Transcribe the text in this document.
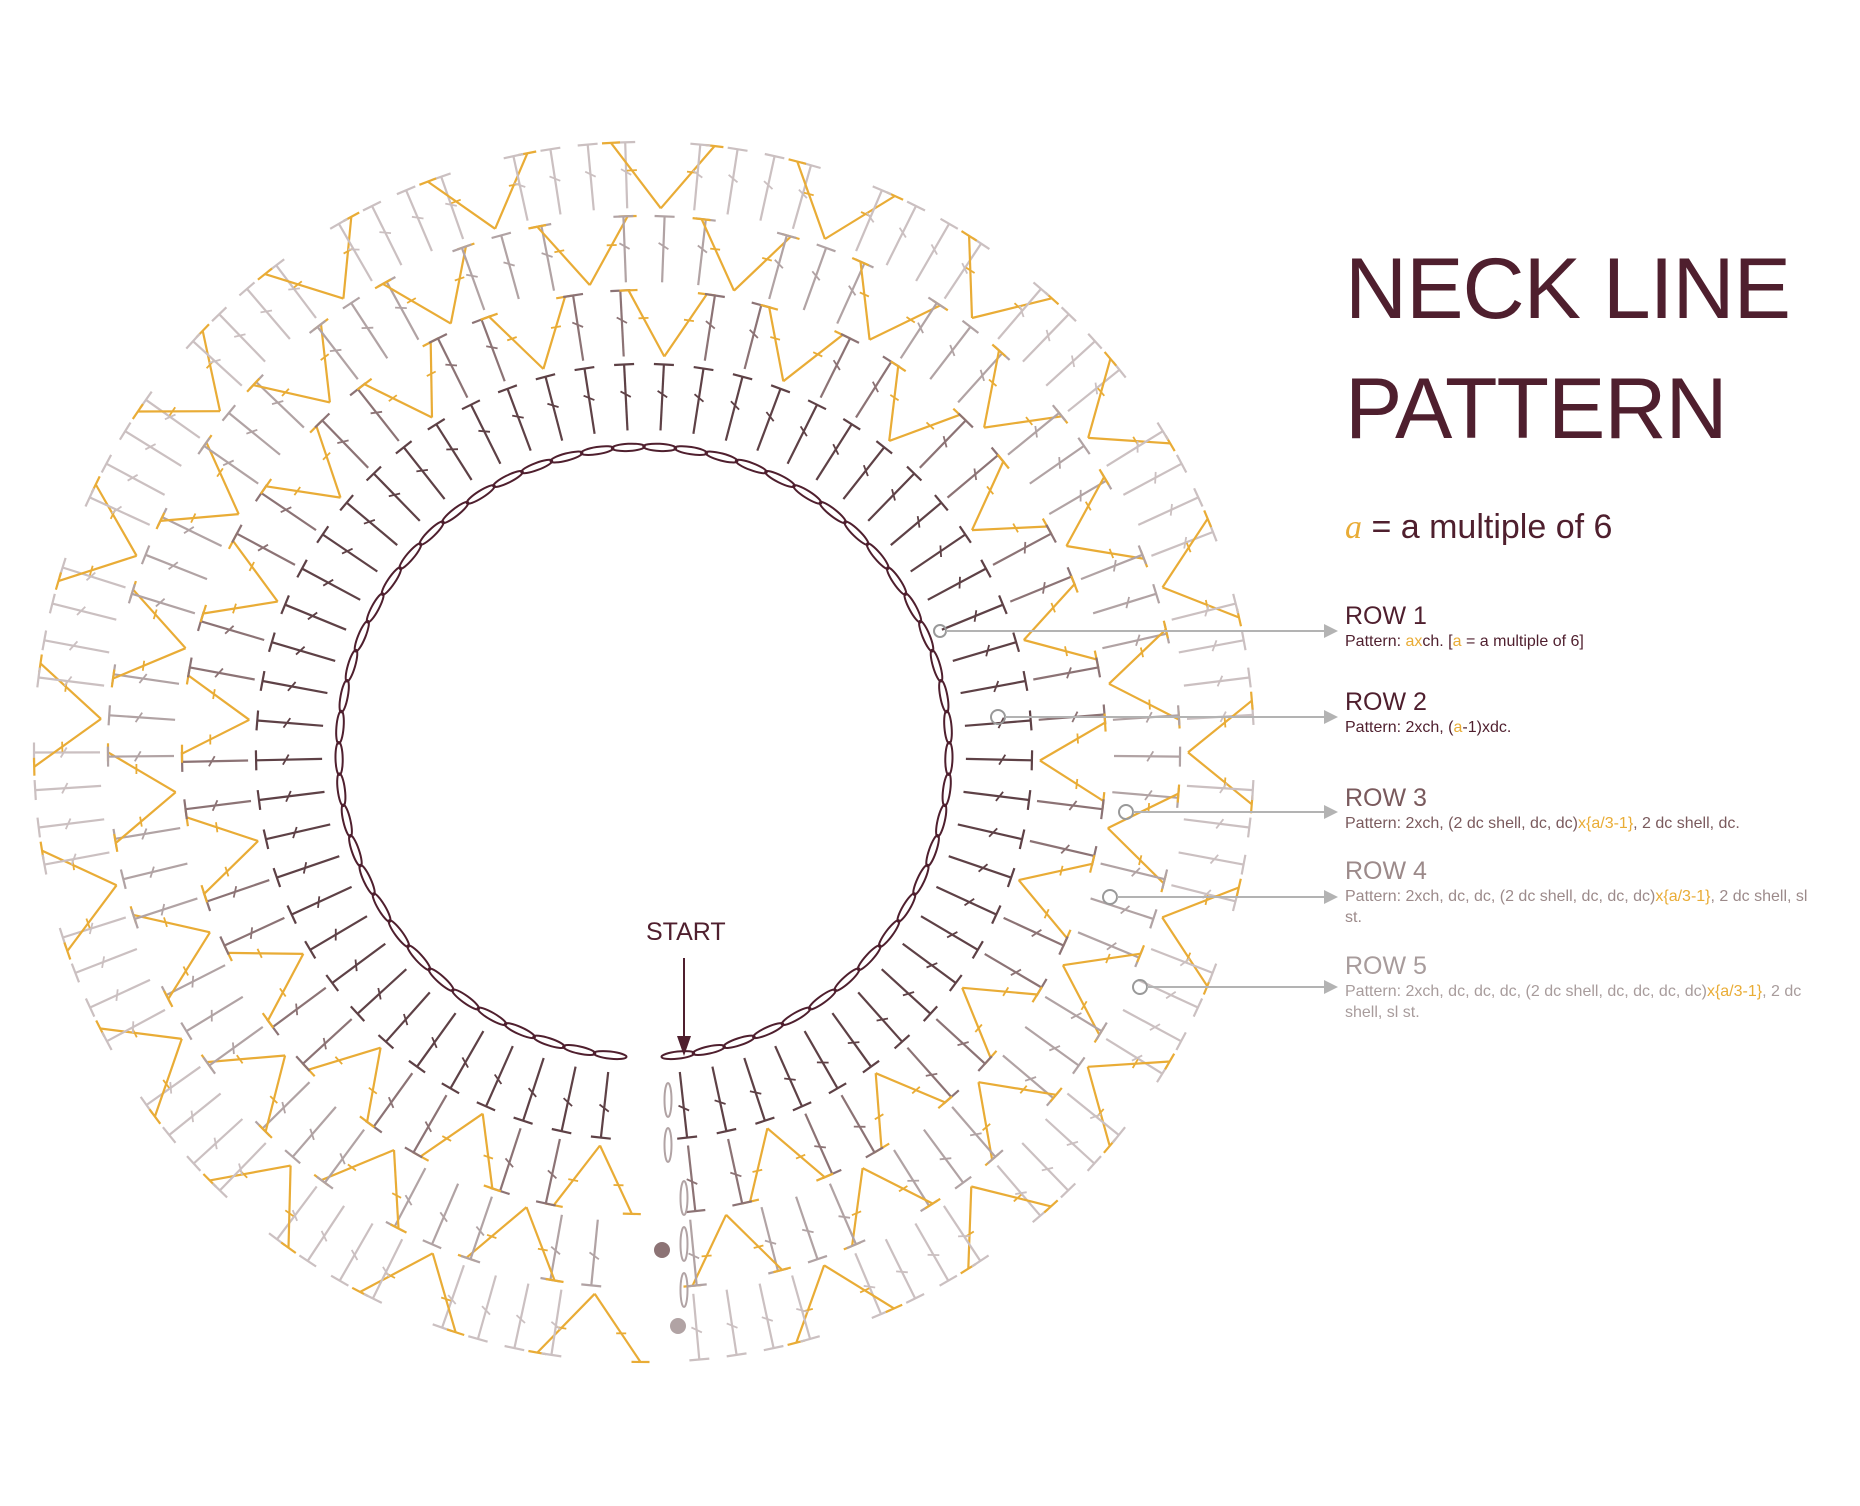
NECK LINE
PATTERN
a = a multiple of 6
START
ROW 1
Pattern: axch. [a = a multiple of 6]
ROW 2
Pattern: 2xch, (a-1)xdc.
ROW 3
Pattern: 2xch, (2 dc shell, dc, dc)x{a/3-1}, 2 dc shell, dc.
ROW 4
Pattern: 2xch, dc, dc, (2 dc shell, dc, dc, dc)x{a/3-1}, 2 dc shell, sl st.
ROW 5
Pattern: 2xch, dc, dc, dc, (2 dc shell, dc, dc, dc, dc)x{a/3-1}, 2 dc shell, sl st.
